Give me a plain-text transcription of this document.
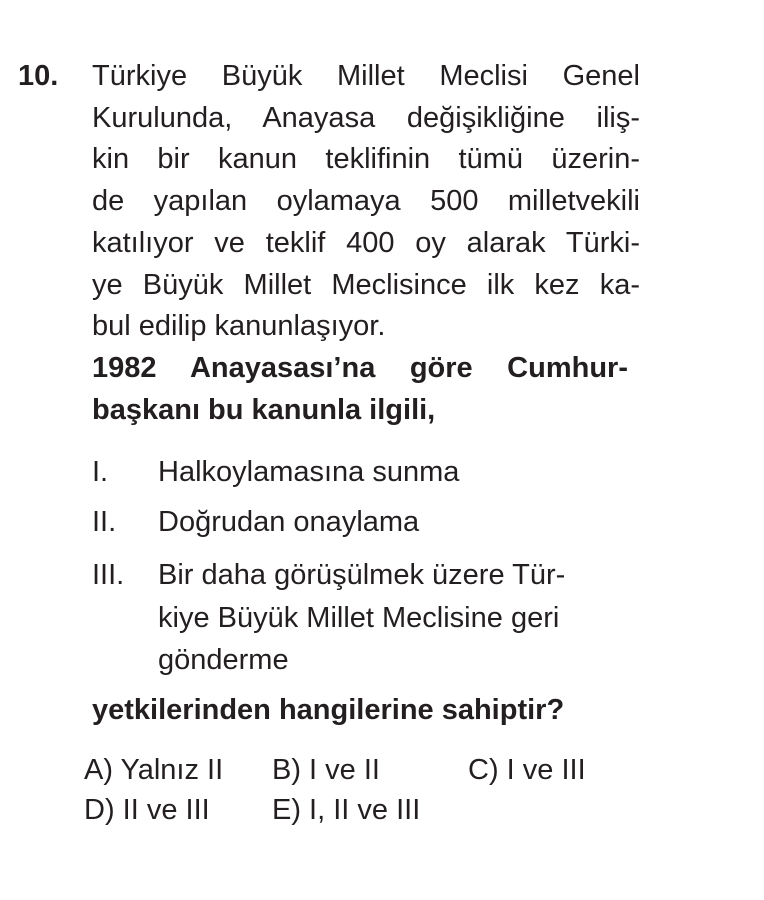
10. Türkiye Büyük Millet Meclisi Genel
Kurulunda, Anayasa değişikliğine iliş-
kin bir kanun teklifinin tümü üzerin-
de yapılan oylamaya 500 milletvekili
katılıyor ve teklif 400 oy alarak Türki-
ye Büyük Millet Meclisince ilk kez ka-
bul edilip kanunlaşıyor.
1982 Anayasası’na göre Cumhur-
başkanı bu kanunla ilgili,
I.	Halkoylamasına sunma
II.	Doğrudan onaylama
III.	Bir daha görüşülmek üzere Tür-
kiye Büyük Millet Meclisine geri
gönderme
yetkilerinden hangilerine sahiptir?
A) Yalnız II B) I ve II	C) I ve III
D) II ve III E) I, II ve III
